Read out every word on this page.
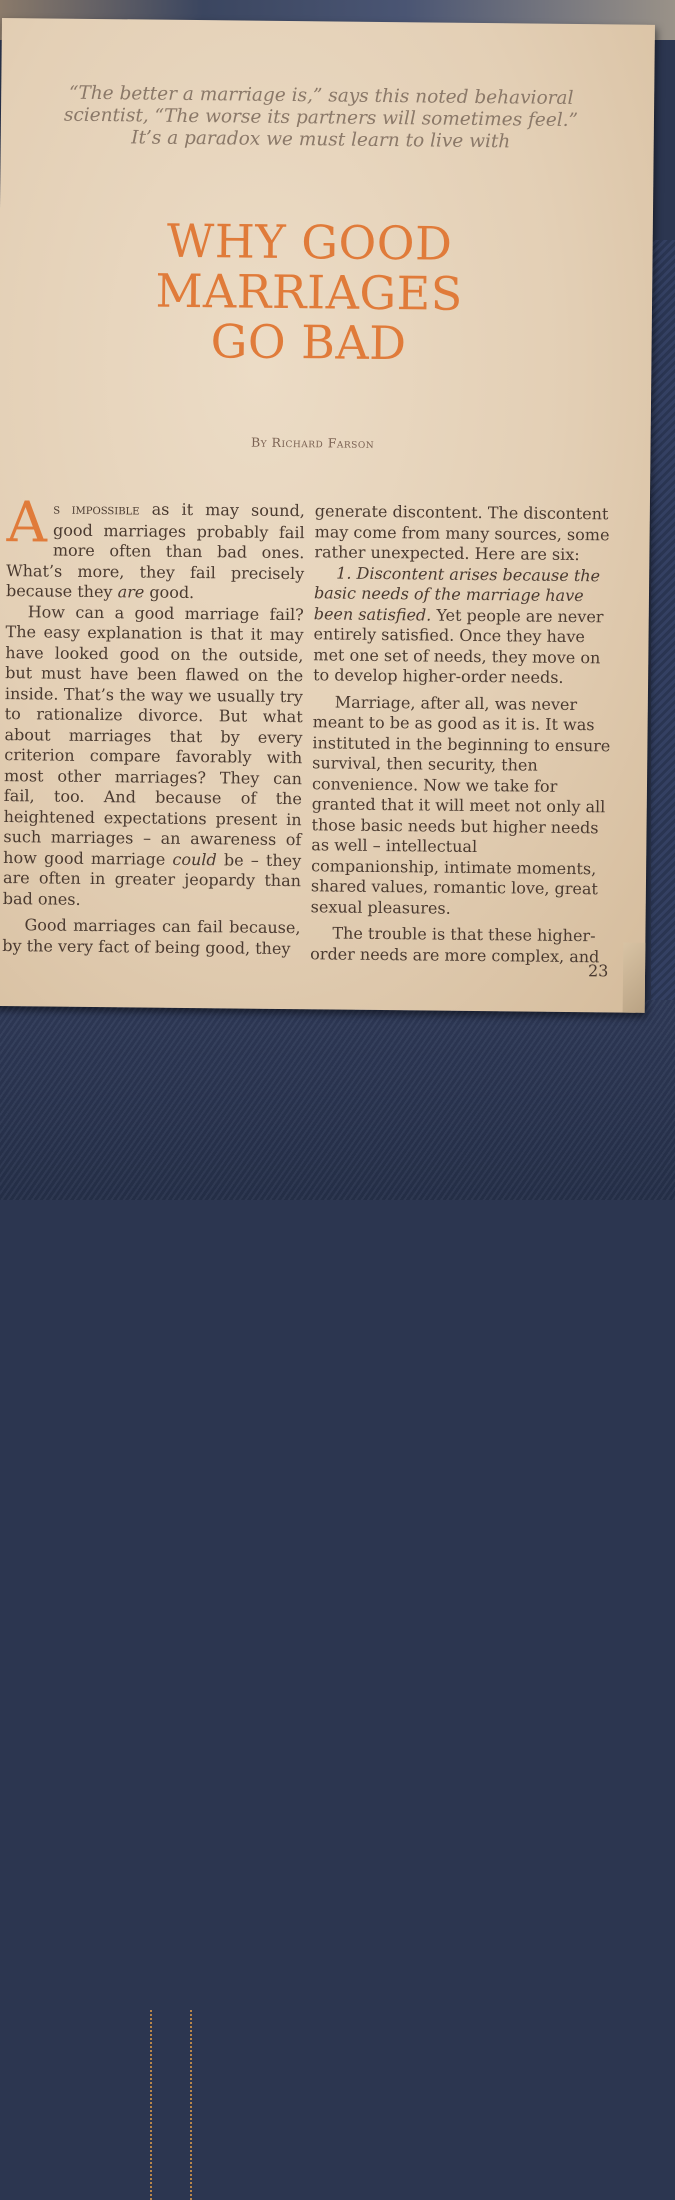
“The better a marriage is,” says this noted behavioral
scientist, “The worse its partners will sometimes feel.”
It’s a paradox we must learn to live with
WHY GOOD
MARRIAGES
GO BAD
By Richard Farson

A s impossible as it may sound, good marriages probably fail more often than bad ones. What’s more, they fail precisely because they are good.

How can a good marriage fail? The easy explanation is that it may have looked good on the outside, but must have been flawed on the inside. That’s the way we usually try to rationalize divorce. But what about marriages that by every criterion compare favorably with most other marriages? They can fail, too. And because of the heightened expectations present in such marriages – an awareness of how good marriage could be – they are often in greater jeopardy than bad ones.

Good marriages can fail because, by the very fact of being good, they

generate discontent. The discontent may come from many sources, some rather unexpected. Here are six:

1. Discontent arises because the basic needs of the marriage have been satisfied. Yet people are never entirely satisfied. Once they have met one set of needs, they move on to develop higher-order needs.

Marriage, after all, was never meant to be as good as it is. It was instituted in the beginning to ensure survival, then security, then convenience. Now we take for granted that it will meet not only all those basic needs but higher needs as well – intellectual companionship, intimate moments, shared values, romantic love, great sexual pleasures.

The trouble is that these higher-order needs are more complex, and

23
